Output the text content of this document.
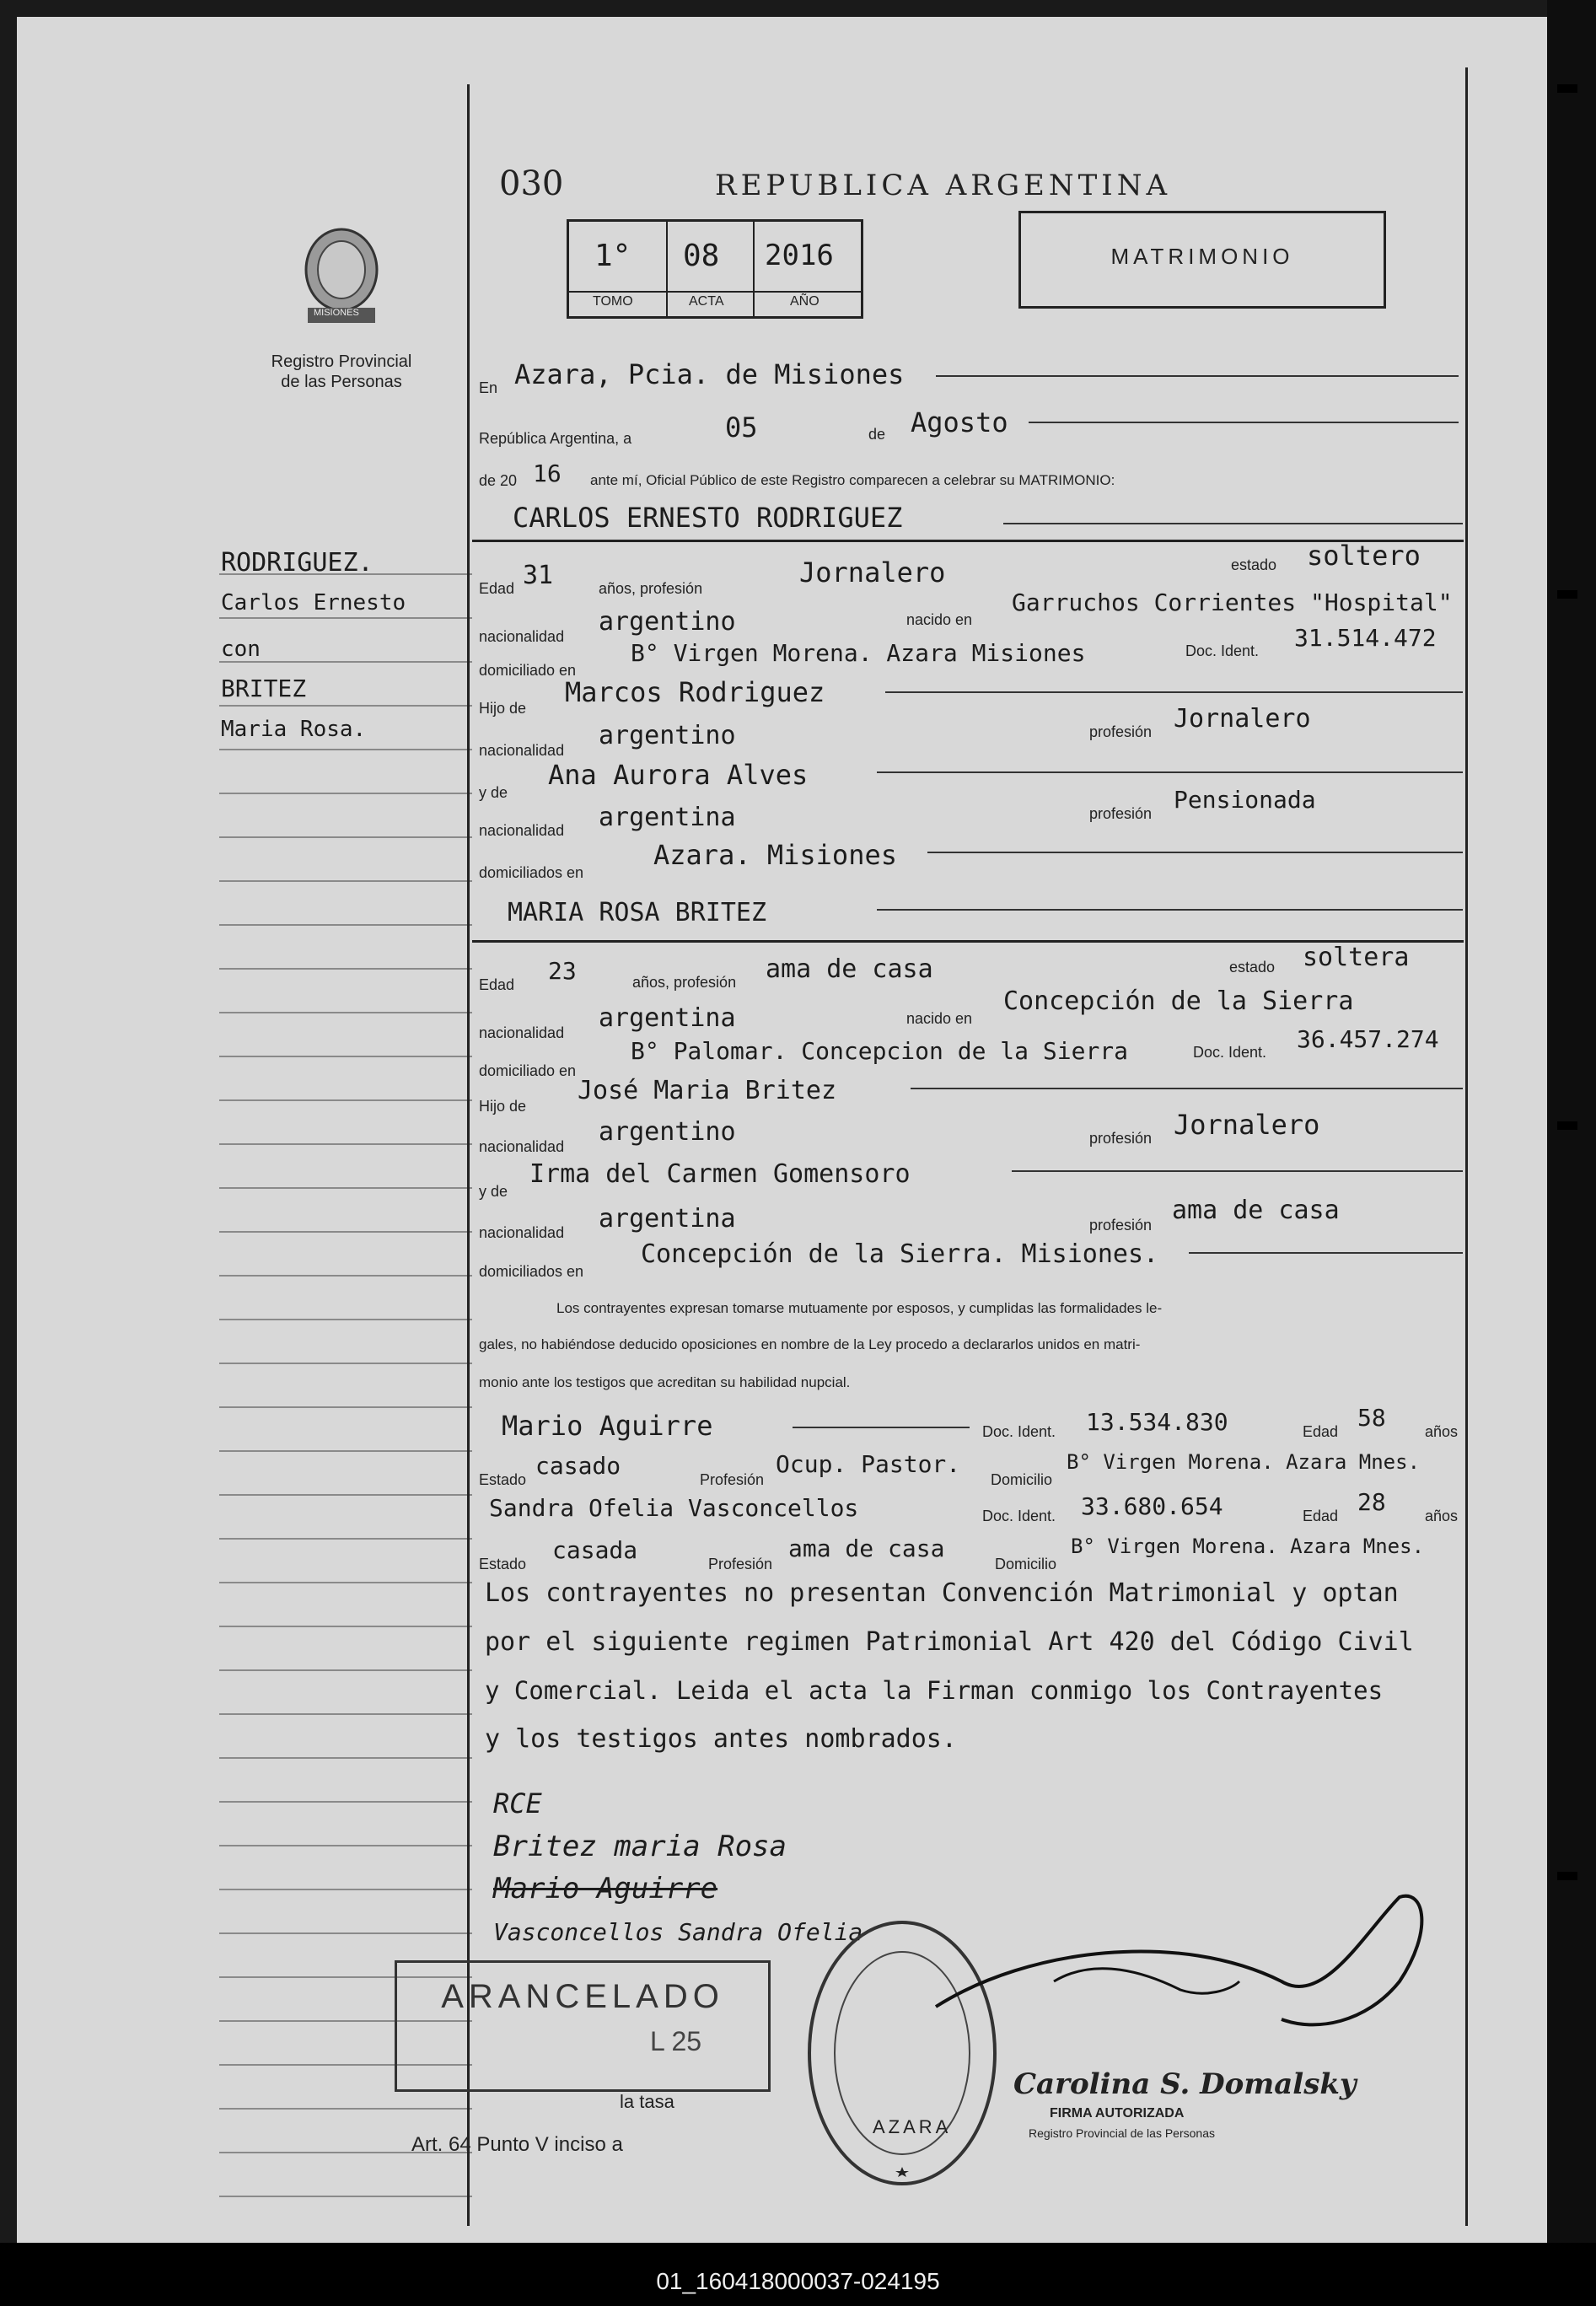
030	REPUBLICA ARGENTINA
1° 08 2016
TOMO	ACTA	AÑO
MATRIMONIO
MISIONES
Registro Provincial
de las Personas
RODRIGUEZ.
Carlos Ernesto
con
BRITEZ
Maria Rosa.
En Azara, Pcia. de Misiones
República Argentina, a	05	de Agosto
de 20 16 ante mí, Oficial Público de este Registro comparecen a celebrar su MATRIMONIO:
CARLOS ERNESTO RODRIGUEZ
Edad 31	años, profesión	Jornalero	estado soltero
nacionalidad argentino	nacido en
Garruchos Corrientes "Hospital"
domiciliado en
B° Virgen Morena. Azara Misiones	Doc. Ident. 31.514.472
Hijo de Marcos Rodriguez
nacionalidad argentino	profesión Jornalero
y de
Ana Aurora Alves
nacionalidad argentina	profesión Pensionada
domiciliados en
Azara. Misiones
MARIA ROSA BRITEZ
Edad 23	años, profesión ama de casa	estado soltera
nacionalidad argentina	nacido en
Concepción de la Sierra
domiciliado en
B° Palomar. Concepcion de la Sierra	Doc. Ident. 36.457.274
Hijo de
José Maria Britez
nacionalidad argentino	profesión Jornalero
y de
Irma del Carmen Gomensoro
nacionalidad argentina	profesión ama de casa
domiciliados en
Concepción de la Sierra. Misiones.
Los contrayentes expresan tomarse mutuamente por esposos, y cumplidas las formalidades le-
gales, no habiéndose deducido oposiciones en nombre de la Ley procedo a declararlos unidos en matri-
monio ante los testigos que acreditan su habilidad nupcial.
Mario Aguirre	Doc. Ident. 13.534.830	Edad 58	años
Estado casado	Profesión
Ocup. Pastor.
Domicilio
B° Virgen Morena. Azara Mnes.
Sandra Ofelia Vasconcellos	Doc. Ident. 33.680.654	Edad 28	años
Estado casada	Profesión
ama de casa
Domicilio
B° Virgen Morena. Azara Mnes.
Los contrayentes no presentan Convención Matrimonial y optan
por el siguiente regimen Patrimonial Art 420 del Código Civil
y Comercial. Leida el acta la Firman conmigo los Contrayentes
y los testigos antes nombrados.
RCE
Britez maria Rosa
Mario Aguirre
Vasconcellos Sandra Ofelia
ARANCELADO
L 25
la tasa
Art. 64 Punto V inciso a
AZARA
Carolina S. Domalsky
FIRMA AUTORIZADA
Registro Provincial de las Personas
01_160418000037-024195
